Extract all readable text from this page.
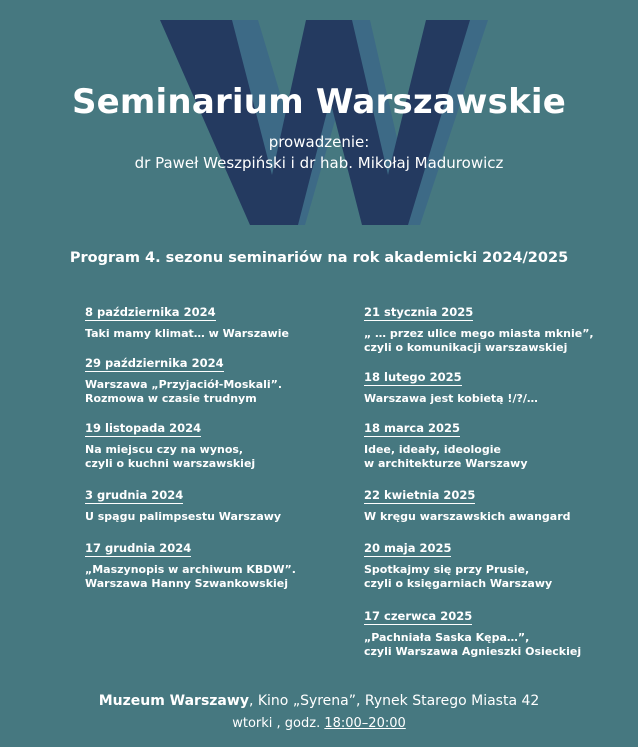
Seminarium Warszawskie
prowadzenie:
dr Paweł Weszpiński i dr hab. Mikołaj Madurowicz
Program 4. sezonu seminariów na rok akademicki 2024/2025
8 października 2024
Taki mamy klimat… w Warszawie
29 października 2024
Warszawa „Przyjaciół-Moskali”.
Rozmowa w czasie trudnym
19 listopada 2024
Na miejscu czy na wynos,
czyli o kuchni warszawskiej
3 grudnia 2024
U spągu palimpsestu Warszawy
17 grudnia 2024
„Maszynopis w archiwum KBDW”.
Warszawa Hanny Szwankowskiej
21 stycznia 2025
„ … przez ulice mego miasta mknie”,
czyli o komunikacji warszawskiej
18 lutego 2025
Warszawa jest kobietą !/?/…
18 marca 2025
Idee, ideały, ideologie
w architekturze Warszawy
22 kwietnia 2025
W kręgu warszawskich awangard
20 maja 2025
Spotkajmy się przy Prusie,
czyli o księgarniach Warszawy
17 czerwca 2025
„Pachniała Saska Kępa…”,
czyli Warszawa Agnieszki Osieckiej
Muzeum Warszawy, Kino „Syrena”, Rynek Starego Miasta 42
wtorki , godz. 18:00–20:00
